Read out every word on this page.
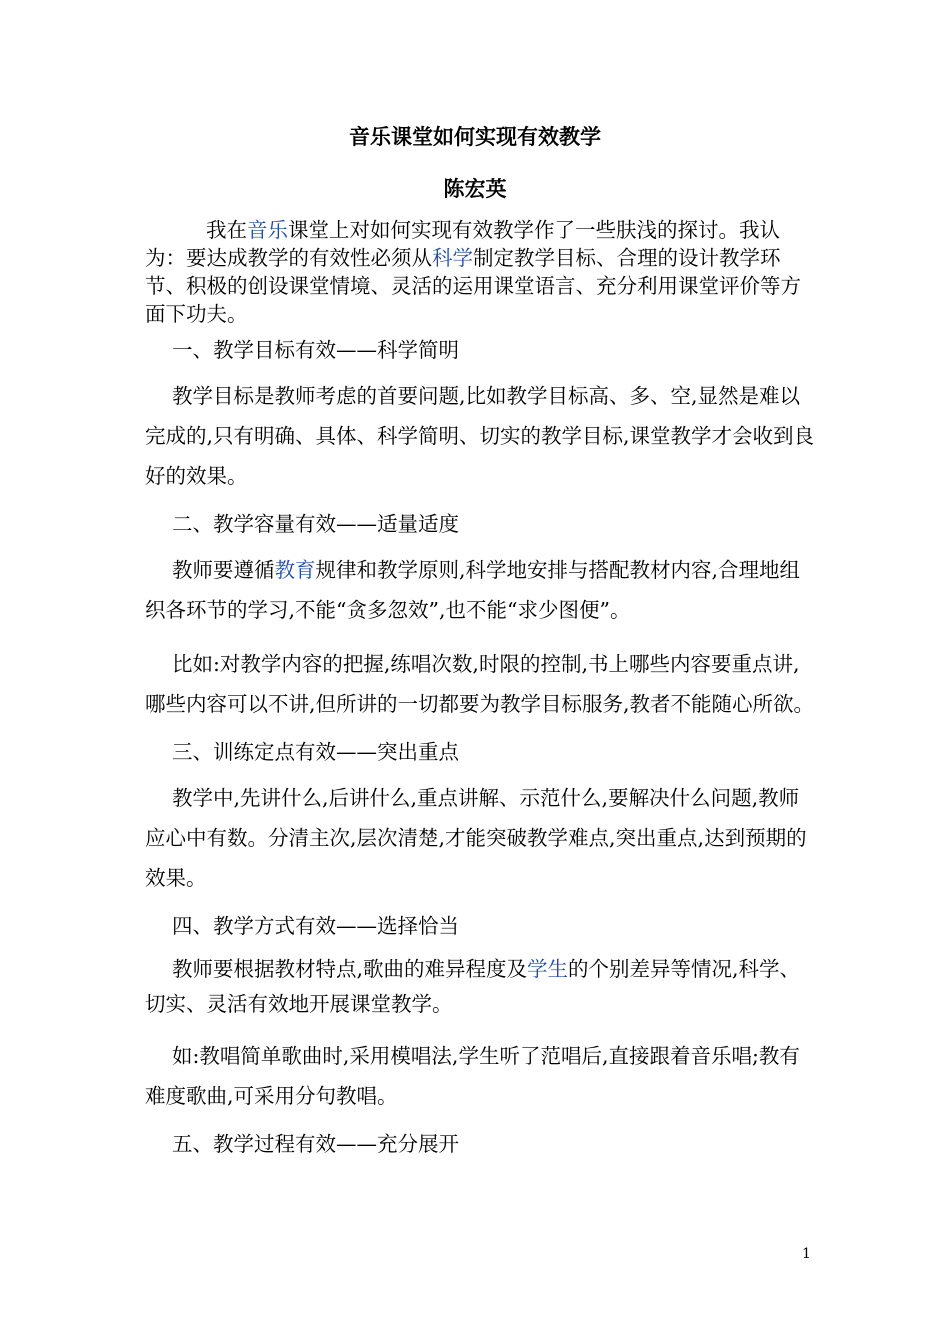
音乐课堂如何实现有效教学
陈宏英

我在音乐课堂上对如何实现有效教学作了一些肤浅的探讨。我认为：要达成教学的有效性必须从科学制定教学目标、合理的设计教学环节、积极的创设课堂情境、灵活的运用课堂语言、充分利用课堂评价等方面下功夫。

一、教学目标有效——科学简明

教学目标是教师考虑的首要问题,比如教学目标高、多、空,显然是难以完成的,只有明确、具体、科学简明、切实的教学目标,课堂教学才会收到良好的效果。

二、教学容量有效——适量适度

教师要遵循教育规律和教学原则,科学地安排与搭配教材内容,合理地组织各环节的学习,不能“贪多忽效”,也不能“求少图便”。

比如:对教学内容的把握,练唱次数,时限的控制,书上哪些内容要重点讲,哪些内容可以不讲,但所讲的一切都要为教学目标服务,教者不能随心所欲。

三、训练定点有效——突出重点

教学中,先讲什么,后讲什么,重点讲解、示范什么,要解决什么问题,教师应心中有数。分清主次,层次清楚,才能突破教学难点,突出重点,达到预期的效果。

四、教学方式有效——选择恰当

教师要根据教材特点,歌曲的难异程度及学生的个别差异等情况,科学、切实、灵活有效地开展课堂教学。

如:教唱简单歌曲时,采用模唱法,学生听了范唱后,直接跟着音乐唱;教有难度歌曲,可采用分句教唱。

五、教学过程有效——充分展开

1
